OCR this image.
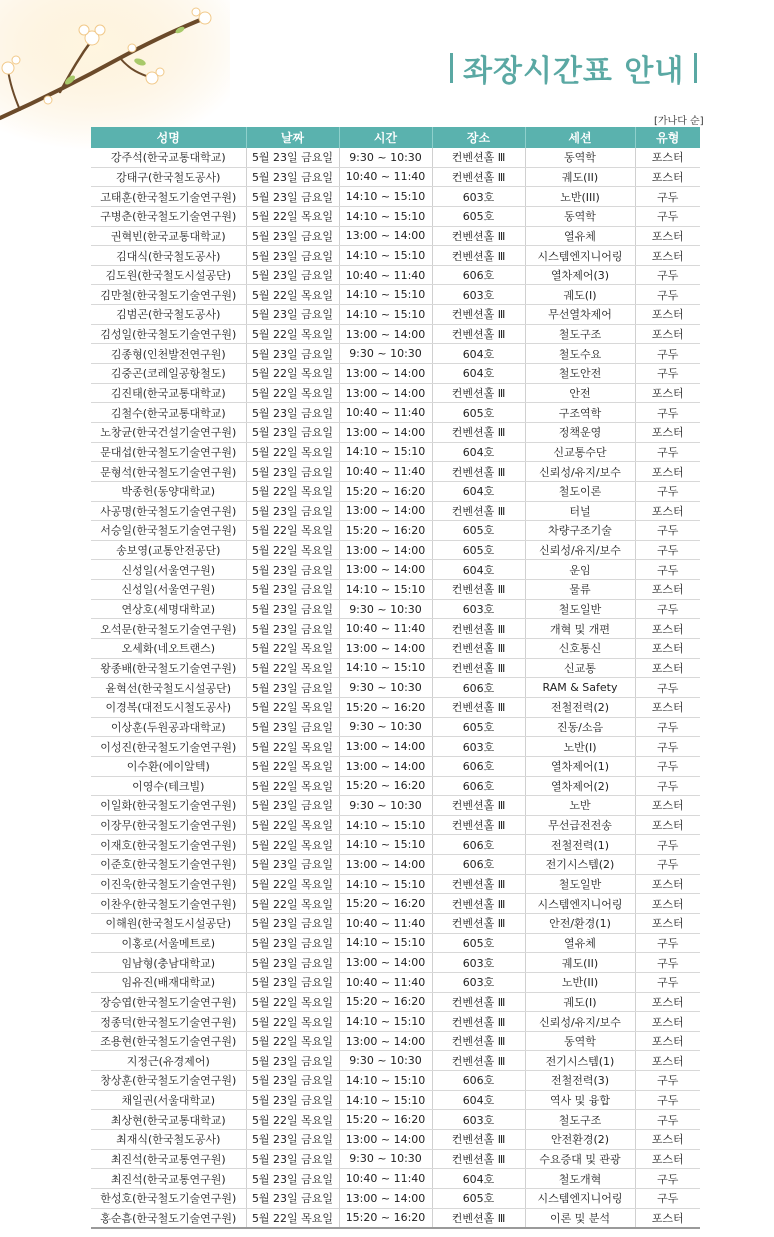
좌장시간표 안내
[가나다 순]
성명	날짜	시간	장소	세션	유형
강주석(한국교통대학교)	5월 23일 금요일	9:30 ~ 10:30	컨벤션홀 Ⅲ	동역학	포스터
강태구(한국철도공사)	5월 23일 금요일	10:40 ~ 11:40	컨벤션홀 Ⅲ	궤도(II)	포스터
고태훈(한국철도기술연구원)	5월 23일 금요일	14:10 ~ 15:10	603호	노반(III)	구두
구병춘(한국철도기술연구원)	5월 22일 목요일	14:10 ~ 15:10	605호	동역학	구두
권혁빈(한국교통대학교)	5월 23일 금요일	13:00 ~ 14:00	컨벤션홀 Ⅲ	열유체	포스터
김대식(한국철도공사)	5월 23일 금요일	14:10 ~ 15:10	컨벤션홀 Ⅲ	시스템엔지니어링	포스터
김도원(한국철도시설공단)	5월 23일 금요일	10:40 ~ 11:40	606호	열차제어(3)	구두
김만철(한국철도기술연구원)	5월 22일 목요일	14:10 ~ 15:10	603호	궤도(I)	구두
김범곤(한국철도공사)	5월 23일 금요일	14:10 ~ 15:10	컨벤션홀 Ⅲ	무선열차제어	포스터
김성일(한국철도기술연구원)	5월 22일 목요일	13:00 ~ 14:00	컨벤션홀 Ⅲ	철도구조	포스터
김종형(인천발전연구원)	5월 23일 금요일	9:30 ~ 10:30	604호	철도수요	구두
김중곤(코레일공항철도)	5월 22일 목요일	13:00 ~ 14:00	604호	철도안전	구두
김진태(한국교통대학교)	5월 22일 목요일	13:00 ~ 14:00	컨벤션홀 Ⅲ	안전	포스터
김철수(한국교통대학교)	5월 23일 금요일	10:40 ~ 11:40	605호	구조역학	구두
노창균(한국건설기술연구원)	5월 23일 금요일	13:00 ~ 14:00	컨벤션홀 Ⅲ	정책운영	포스터
문대섭(한국철도기술연구원)	5월 22일 목요일	14:10 ~ 15:10	604호	신교통수단	구두
문형석(한국철도기술연구원)	5월 23일 금요일	10:40 ~ 11:40	컨벤션홀 Ⅲ	신뢰성/유지/보수	포스터
박종헌(동양대학교)	5월 22일 목요일	15:20 ~ 16:20	604호	철도이론	구두
사공명(한국철도기술연구원)	5월 23일 금요일	13:00 ~ 14:00	컨벤션홀 Ⅲ	터널	포스터
서승일(한국철도기술연구원)	5월 22일 목요일	15:20 ~ 16:20	605호	차량구조기술	구두
송보영(교통안전공단)	5월 22일 목요일	13:00 ~ 14:00	605호	신뢰성/유지/보수	구두
신성일(서울연구원)	5월 23일 금요일	13:00 ~ 14:00	604호	운임	구두
신성일(서울연구원)	5월 23일 금요일	14:10 ~ 15:10	컨벤션홀 Ⅲ	물류	포스터
연상호(세명대학교)	5월 23일 금요일	9:30 ~ 10:30	603호	철도일반	구두
오석문(한국철도기술연구원)	5월 23일 금요일	10:40 ~ 11:40	컨벤션홀 Ⅲ	개혁 및 개편	포스터
오세화(네오트랜스)	5월 22일 목요일	13:00 ~ 14:00	컨벤션홀 Ⅲ	신호통신	포스터
왕종배(한국철도기술연구원)	5월 22일 목요일	14:10 ~ 15:10	컨벤션홀 Ⅲ	신교통	포스터
윤혁선(한국철도시설공단)	5월 23일 금요일	9:30 ~ 10:30	606호	RAM & Safety	구두
이경복(대전도시철도공사)	5월 22일 목요일	15:20 ~ 16:20	컨벤션홀 Ⅲ	전철전력(2)	포스터
이상훈(두원공과대학교)	5월 23일 금요일	9:30 ~ 10:30	605호	진동/소음	구두
이성진(한국철도기술연구원)	5월 22일 목요일	13:00 ~ 14:00	603호	노반(I)	구두
이수환(에이알텍)	5월 22일 목요일	13:00 ~ 14:00	606호	열차제어(1)	구두
이영수(테크빌)	5월 22일 목요일	15:20 ~ 16:20	606호	열차제어(2)	구두
이일화(한국철도기술연구원)	5월 23일 금요일	9:30 ~ 10:30	컨벤션홀 Ⅲ	노반	포스터
이장무(한국철도기술연구원)	5월 22일 목요일	14:10 ~ 15:10	컨벤션홀 Ⅲ	무선급전전송	포스터
이재호(한국철도기술연구원)	5월 22일 목요일	14:10 ~ 15:10	606호	전철전력(1)	구두
이준호(한국철도기술연구원)	5월 23일 금요일	13:00 ~ 14:00	606호	전기시스템(2)	구두
이진욱(한국철도기술연구원)	5월 22일 목요일	14:10 ~ 15:10	컨벤션홀 Ⅲ	철도일반	포스터
이찬우(한국철도기술연구원)	5월 22일 목요일	15:20 ~ 16:20	컨벤션홀 Ⅲ	시스템엔지니어링	포스터
이해원(한국철도시설공단)	5월 23일 금요일	10:40 ~ 11:40	컨벤션홀 Ⅲ	안전/환경(1)	포스터
이홍로(서울메트로)	5월 23일 금요일	14:10 ~ 15:10	605호	열유체	구두
임남형(충남대학교)	5월 23일 금요일	13:00 ~ 14:00	603호	궤도(II)	구두
임유진(배재대학교)	5월 23일 금요일	10:40 ~ 11:40	603호	노반(II)	구두
장승엽(한국철도기술연구원)	5월 22일 목요일	15:20 ~ 16:20	컨벤션홀 Ⅲ	궤도(I)	포스터
정종덕(한국철도기술연구원)	5월 22일 목요일	14:10 ~ 15:10	컨벤션홀 Ⅲ	신뢰성/유지/보수	포스터
조용현(한국철도기술연구원)	5월 22일 목요일	13:00 ~ 14:00	컨벤션홀 Ⅲ	동역학	포스터
지정근(유경제어)	5월 23일 금요일	9:30 ~ 10:30	컨벤션홀 Ⅲ	전기시스템(1)	포스터
창상훈(한국철도기술연구원)	5월 23일 금요일	14:10 ~ 15:10	606호	전철전력(3)	구두
채일권(서울대학교)	5월 23일 금요일	14:10 ~ 15:10	604호	역사 및 융합	구두
최상현(한국교통대학교)	5월 22일 목요일	15:20 ~ 16:20	603호	철도구조	구두
최재식(한국철도공사)	5월 23일 금요일	13:00 ~ 14:00	컨벤션홀 Ⅲ	안전환경(2)	포스터
최진석(한국교통연구원)	5월 23일 금요일	9:30 ~ 10:30	컨벤션홀 Ⅲ	수요증대 및 관광	포스터
최진석(한국교통연구원)	5월 23일 금요일	10:40 ~ 11:40	604호	철도개혁	구두
한성호(한국철도기술연구원)	5월 23일 금요일	13:00 ~ 14:00	605호	시스템엔지니어링	구두
홍순흠(한국철도기술연구원)	5월 22일 목요일	15:20 ~ 16:20	컨벤션홀 Ⅲ	이론 및 분석	포스터
